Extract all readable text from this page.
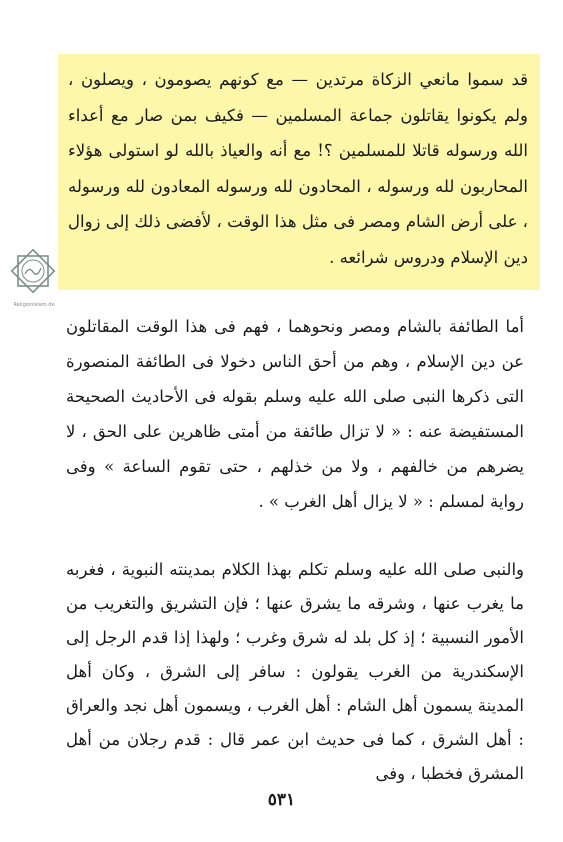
قد سموا مانعي الزكاة مرتدين — مع كونهم يصومون ، ويصلون ، ولم يكونوا يقاتلون جماعة المسلمين — فكيف بمن صار مع أعداء الله ورسوله قاتلا للمسلمين ؟! مع أنه والعياذ بالله لو استولى هؤلاء المحاربون لله ورسوله ، المحادون لله ورسوله المعادون لله ورسوله ، على أرض الشام ومصر فى مثل هذا الوقت ، لأفضى ذلك إلى زوال دين الإسلام ودروس شرائعه .

Religionislam.de

أما الطائفة بالشام ومصر ونحوهما ، فهم فى هذا الوقت المقاتلون عن دين الإسلام ، وهم من أحق الناس دخولا فى الطائفة المنصورة التى ذكرها النبى صلى الله عليه وسلم بقوله فى الأحاديث الصحيحة المستفيضة عنه : « لا تزال طائفة من أمتى ظاهرين على الحق ، لا يضرهم من خالفهم ، ولا من خذلهم ، حتى تقوم الساعة » وفى رواية لمسلم : « لا يزال أهل الغرب » .

والنبى صلى الله عليه وسلم تكلم بهذا الكلام بمدينته النبوية ، فغربه ما يغرب عنها ، وشرقه ما يشرق عنها ؛ فإن التشريق والتغريب من الأمور النسبية ؛ إذ كل بلد له شرق وغرب ؛ ولهذا إذا قدم الرجل إلى الإسكندرية من الغرب يقولون : سافر إلى الشرق ، وكان أهل المدينة يسمون أهل الشام : أهل الغرب ، ويسمون أهل نجد والعراق : أهل الشرق ، كما فى حديث ابن عمر قال : قدم رجلان من أهل المشرق فخطبا ، وفى

٥٣١
